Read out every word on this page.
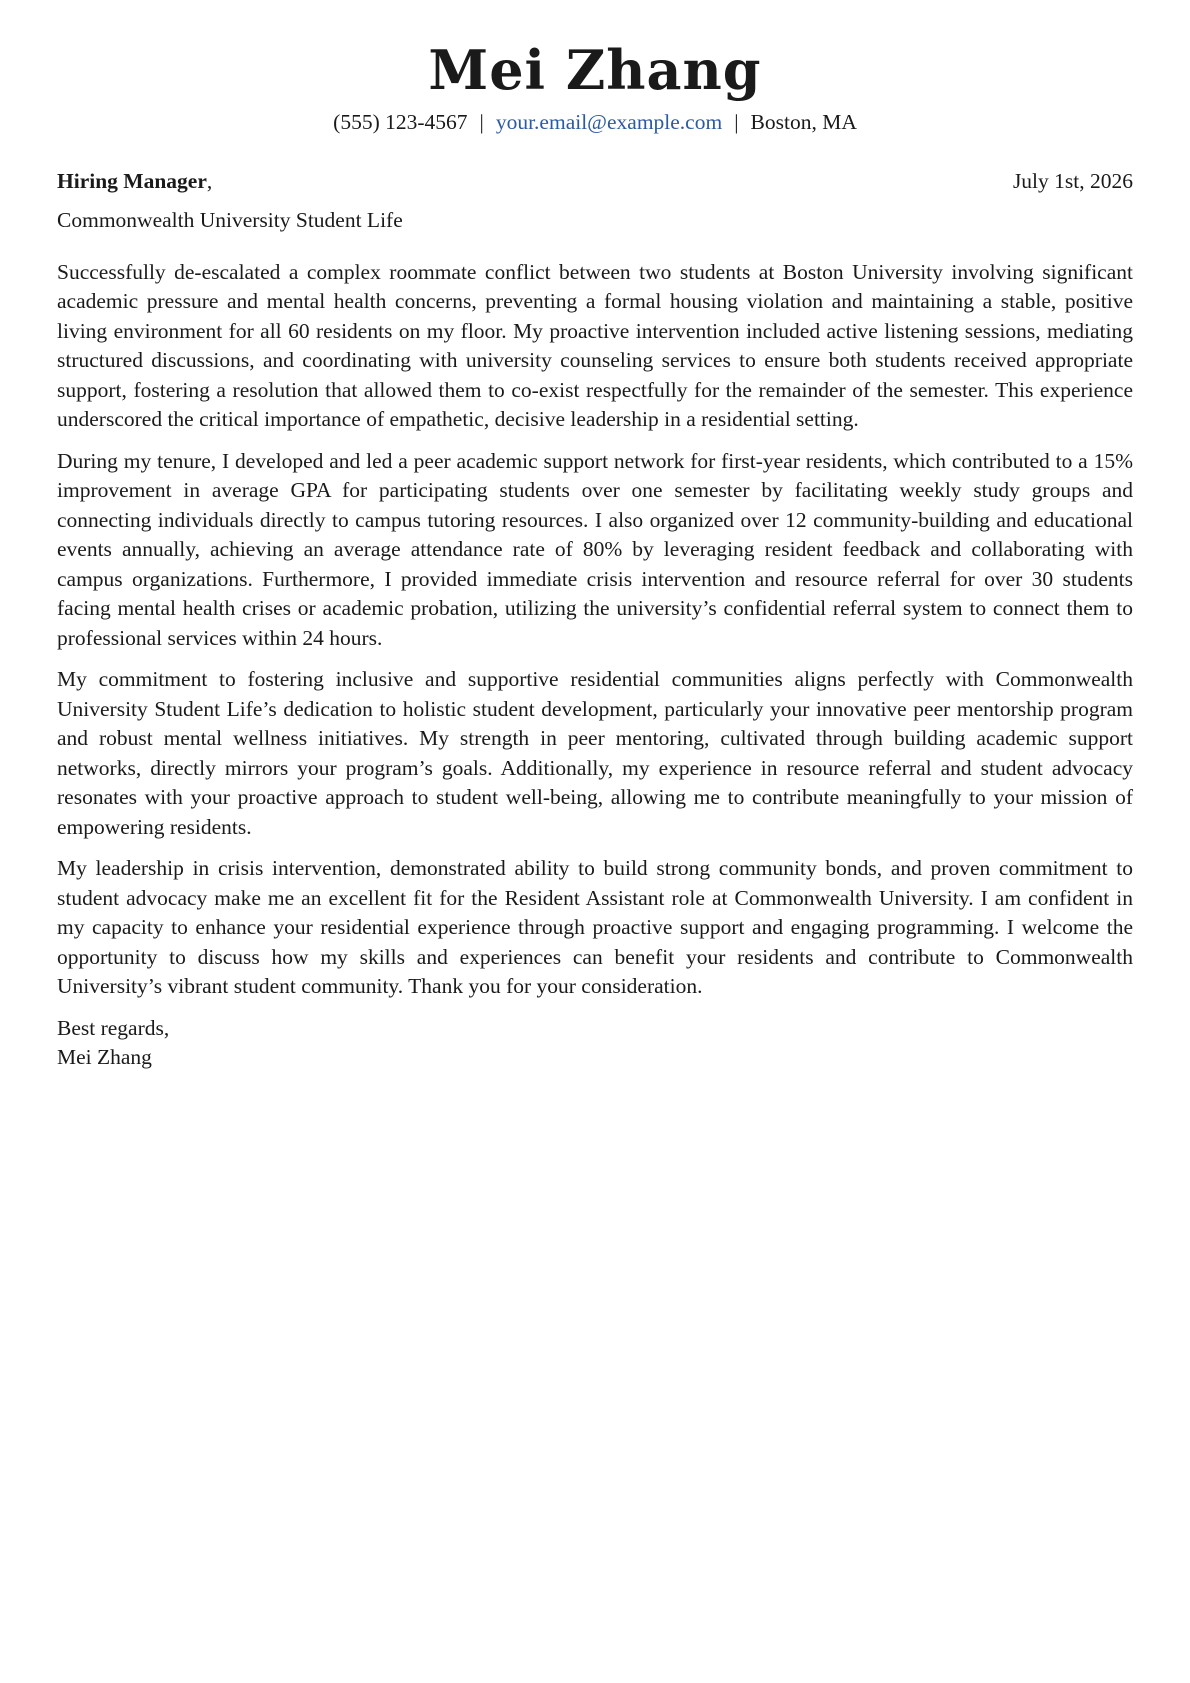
Mei Zhang
(555) 123-4567 | your.email@example.com | Boston, MA
Hiring Manager,	July 1st, 2026
Commonwealth University Student Life

Successfully de-escalated a complex roommate conflict between two students at Boston University involving significant academic pressure and mental health concerns, preventing a formal housing violation and maintaining a stable, positive living environment for all 60 residents on my floor. My proactive intervention included active listening sessions, mediating structured discussions, and coordinating with university counseling services to ensure both students received appropriate support, fostering a resolution that allowed them to co-exist respectfully for the remainder of the semester. This experience underscored the critical importance of empathetic, decisive leadership in a residential setting.

During my tenure, I developed and led a peer academic support network for first-year residents, which contributed to a 15% improvement in average GPA for participating students over one semester by facilitating weekly study groups and connecting individuals directly to campus tutoring resources. I also organized over 12 community-building and educational events annually, achieving an average attendance rate of 80% by leveraging resident feedback and collaborating with campus organizations. Furthermore, I provided immediate crisis intervention and resource referral for over 30 students facing mental health crises or academic probation, utilizing the university’s confidential referral system to connect them to professional services within 24 hours.

My commitment to fostering inclusive and supportive residential communities aligns perfectly with Commonwealth University Student Life’s dedication to holistic student development, particularly your innovative peer mentorship program and robust mental wellness initiatives. My strength in peer mentoring, cultivated through building academic support networks, directly mirrors your program’s goals. Additionally, my experience in resource referral and student advocacy resonates with your proactive approach to student well-being, allowing me to contribute meaningfully to your mission of empowering residents.

My leadership in crisis intervention, demonstrated ability to build strong community bonds, and proven commitment to student advocacy make me an excellent fit for the Resident Assistant role at Commonwealth University. I am confident in my capacity to enhance your residential experience through proactive support and engaging programming. I welcome the opportunity to discuss how my skills and experiences can benefit your residents and contribute to Commonwealth University’s vibrant student community. Thank you for your consideration.

Best regards,
Mei Zhang
